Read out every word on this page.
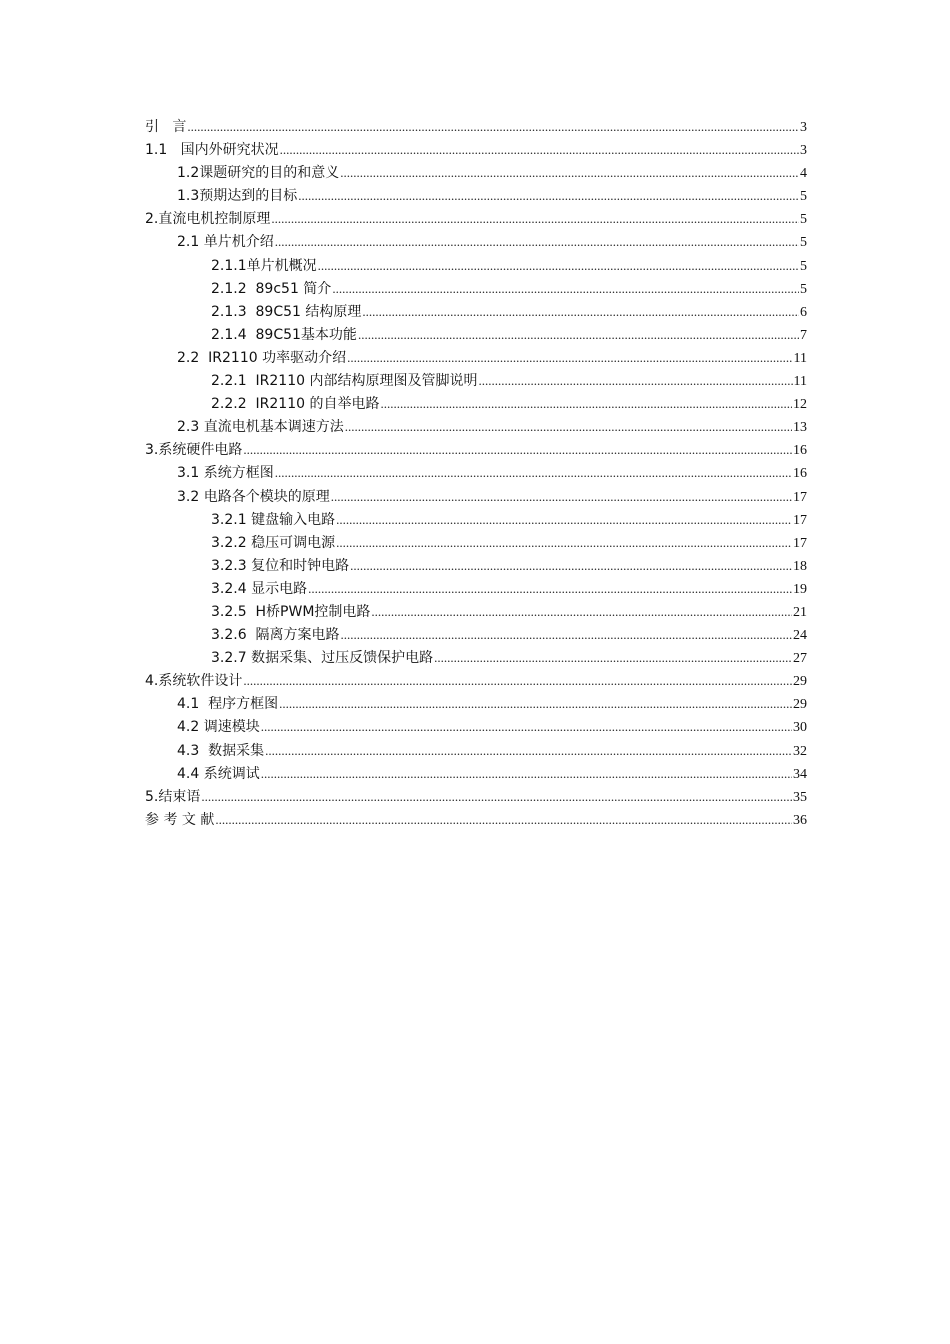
引   言 .....	3
1.1   国内外研究状况 .....	3
1.2课题研究的目的和意义 .....	4
1.3预期达到的目标 .....	5
2.直流电机控制原理 .....	5
2.1 单片机介绍 .....	5
2.1.1单片机概况 .....	5
2.1.2  89c51 简介 .....	5
2.1.3  89C51 结构原理 .....	6
2.1.4  89C51基本功能 .....	7
2.2  IR2110 功率驱动介绍 .....	11
2.2.1  IR2110 内部结构原理图及管脚说明 .....	11
2.2.2  IR2110 的自举电路 .....	12
2.3 直流电机基本调速方法 .....	13
3.系统硬件电路 .....	16
3.1 系统方框图 .....	16
3.2 电路各个模块的原理 .....	17
3.2.1 键盘输入电路 .....	17
3.2.2 稳压可调电源 .....	17
3.2.3 复位和时钟电路 .....	18
3.2.4 显示电路 .....	19
3.2.5  H桥PWM控制电路 .....	21
3.2.6  隔离方案电路 .....	24
3.2.7 数据采集、过压反馈保护电路 .....	27
4.系统软件设计 .....	29
4.1  程序方框图 .....	29
4.2 调速模块 .....	30
4.3  数据采集 .....	32
4.4 系统调试 .....	34
5.结束语 .....	35
参 考 文 献 .....	36
